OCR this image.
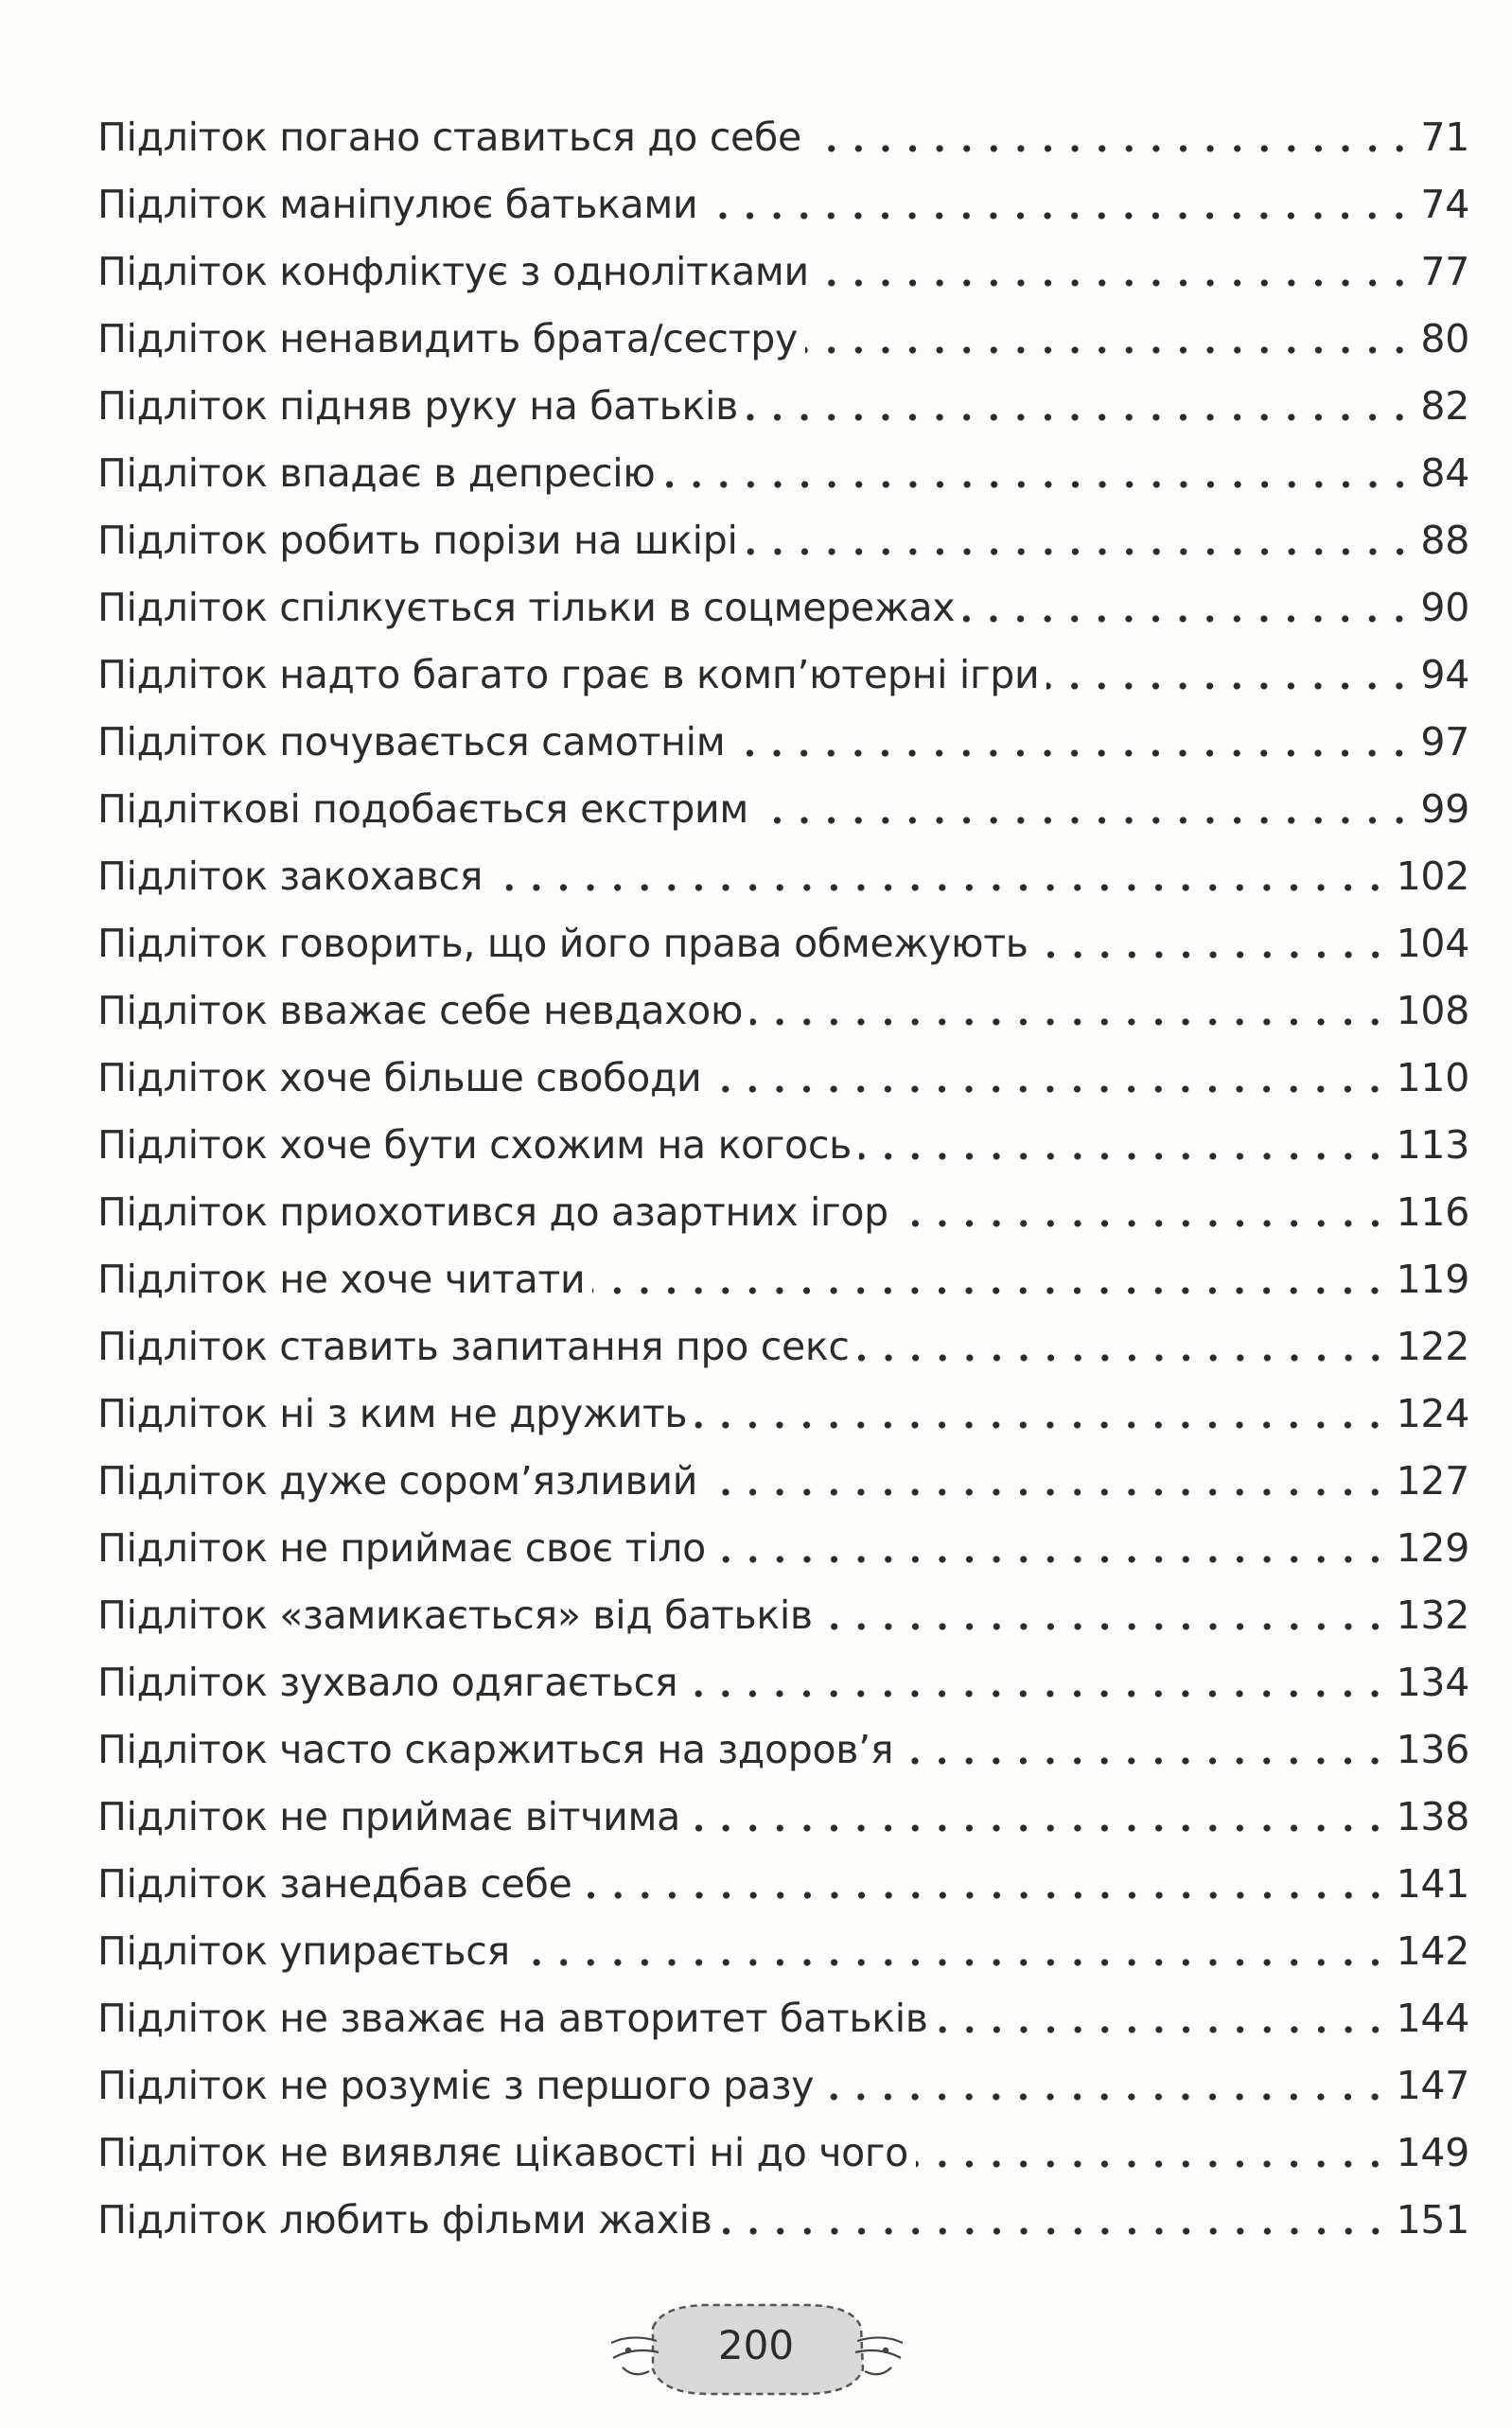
Підліток погано ставиться до себе	71
Підліток маніпулює батьками	74
Підліток конфліктує з однолітками	77
Підліток ненавидить брата/сестру	80
Підліток підняв руку на батьків	82
Підліток впадає в депресію	84
Підліток робить порізи на шкірі	88
Підліток спілкується тільки в соцмережах	90
Підліток надто багато грає в комп’ютерні ігри	94
Підліток почувається самотнім	97
Підліткові подобається екстрим	99
Підліток закохався	102
Підліток говорить, що його права обмежують	104
Підліток вважає себе невдахою	108
Підліток хоче більше свободи	110
Підліток хоче бути схожим на когось	113
Підліток приохотився до азартних ігор	116
Підліток не хоче читати	119
Підліток ставить запитання про секс	122
Підліток ні з ким не дружить	124
Підліток дуже сором’язливий	127
Підліток не приймає своє тіло	129
Підліток «замикається» від батьків	132
Підліток зухвало одягається	134
Підліток часто скаржиться на здоров’я	136
Підліток не приймає вітчима	138
Підліток занедбав себе	141
Підліток упирається	142
Підліток не зважає на авторитет батьків	144
Підліток не розуміє з першого разу	147
Підліток не виявляє цікавості ні до чого	149
Підліток любить фільми жахів	151
200
